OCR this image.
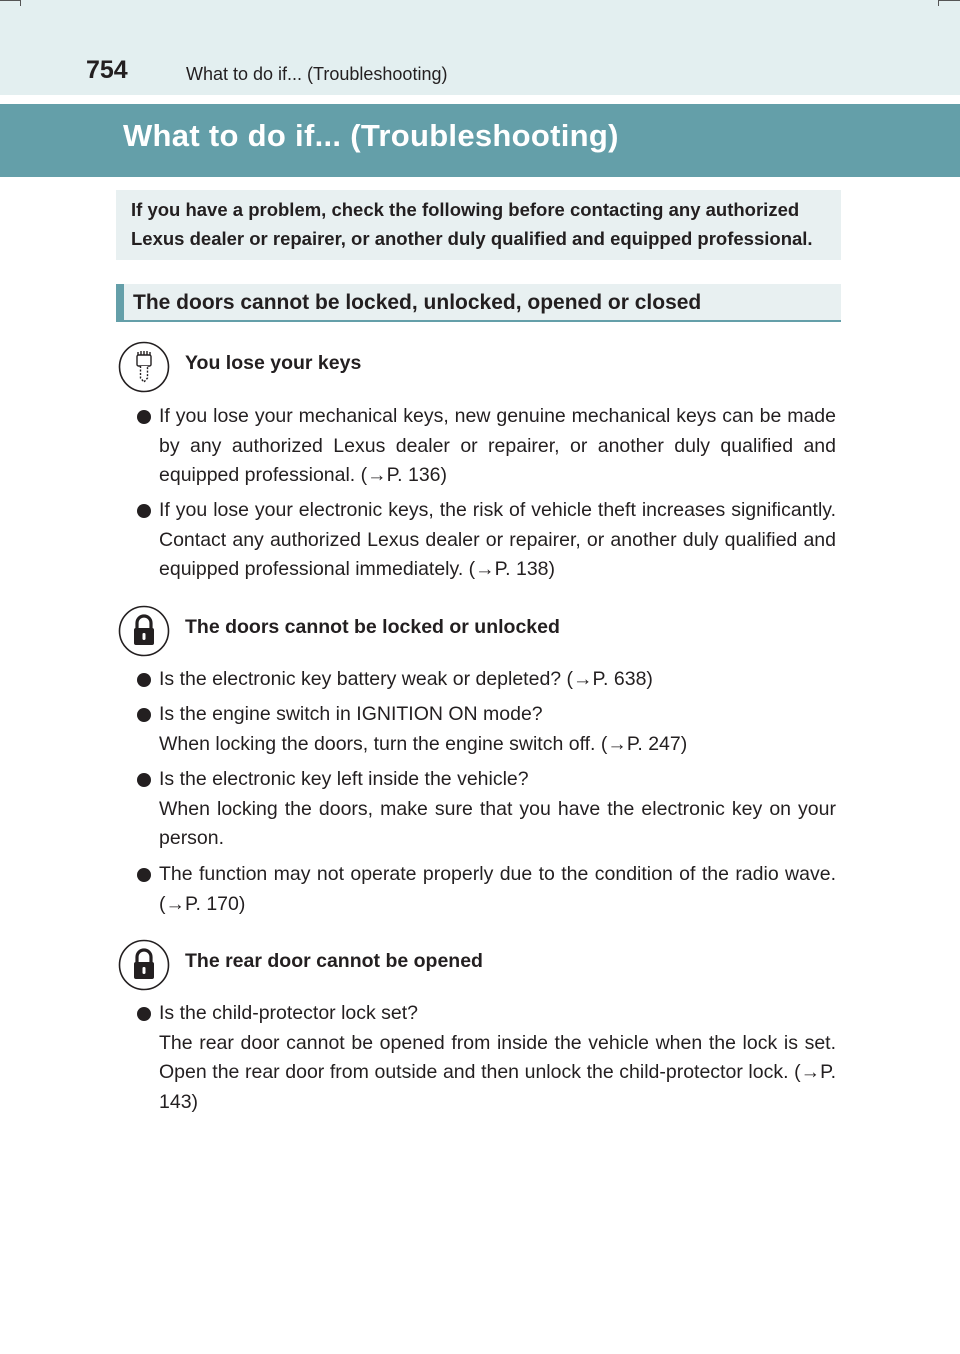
754	What to do if... (Troubleshooting)
What to do if... (Troubleshooting)
If you have a problem, check the following before contacting any authorized Lexus dealer or repairer, or another duly qualified and equipped professional.
The doors cannot be locked, unlocked, opened or closed
You lose your keys
If you lose your mechanical keys, new genuine mechanical keys can be made by any authorized Lexus dealer or repairer, or another duly qualified and equipped professional. (→P. 136)
If you lose your electronic keys, the risk of vehicle theft increases significantly. Contact any authorized Lexus dealer or repairer, or another duly qualified and equipped professional immediately. (→P. 138)
The doors cannot be locked or unlocked
Is the electronic key battery weak or depleted? (→P. 638)
Is the engine switch in IGNITION ON mode?
When locking the doors, turn the engine switch off. (→P. 247)
Is the electronic key left inside the vehicle?
When locking the doors, make sure that you have the electronic key on your person.
The function may not operate properly due to the condition of the radio wave. (→P. 170)
The rear door cannot be opened
Is the child-protector lock set?
The rear door cannot be opened from inside the vehicle when the lock is set. Open the rear door from outside and then unlock the child-protector lock. (→P. 143)
